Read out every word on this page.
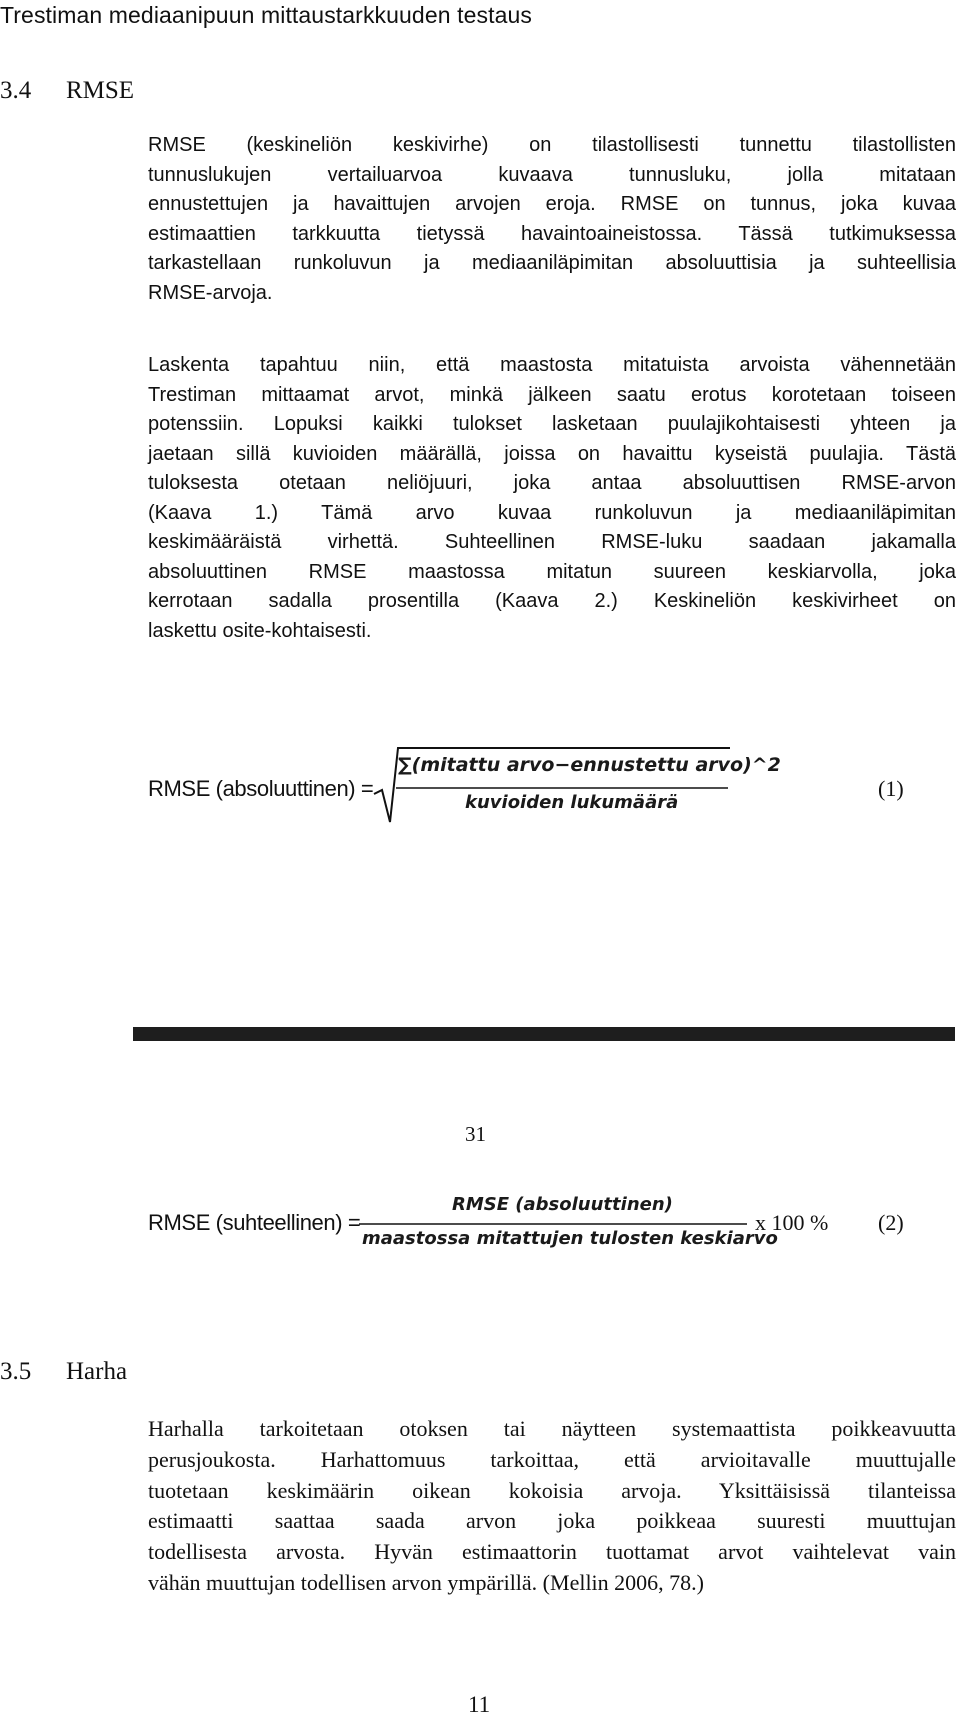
Trestiman mediaanipuun mittaustarkkuuden testaus
3.4 RMSE
RMSE (keskineliön keskivirhe) on tilastollisesti tunnettu tilastollisten
tunnuslukujen vertailuarvoa kuvaava tunnusluku, jolla mitataan
ennustettujen ja havaittujen arvojen eroja. RMSE on tunnus, joka kuvaa
estimaattien tarkkuutta tietyssä havaintoaineistossa. Tässä tutkimuksessa
tarkastellaan runkoluvun ja mediaaniläpimitan absoluuttisia ja suhteellisia
RMSE-arvoja.
Laskenta tapahtuu niin, että maastosta mitatuista arvoista vähennetään
Trestiman mittaamat arvot, minkä jälkeen saatu erotus korotetaan toiseen
potenssiin. Lopuksi kaikki tulokset lasketaan puulajikohtaisesti yhteen ja
jaetaan sillä kuvioiden määrällä, joissa on havaittu kyseistä puulajia. Tästä
tuloksesta otetaan neliöjuuri, joka antaa absoluuttisen RMSE-arvon
(Kaava 1.) Tämä arvo kuvaa runkoluvun ja mediaaniläpimitan
keskimääräistä virhettä. Suhteellinen RMSE-luku saadaan jakamalla
absoluuttinen RMSE maastossa mitatun suureen keskiarvolla, joka
kerrotaan sadalla prosentilla (Kaava 2.) Keskineliön keskivirheet on
laskettu osite-kohtaisesti.
RMSE (absoluuttinen) =
∑(mitattu arvo−ennustettu arvo)^2
kuvioiden lukumäärä
(1)
31
RMSE (suhteellinen) =
RMSE (absoluuttinen)
maastossa mitattujen tulosten keskiarvo
x 100 % (2)
3.5 Harha
Harhalla tarkoitetaan otoksen tai näytteen systemaattista poikkeavuutta
perusjoukosta. Harhattomuus tarkoittaa, että arvioitavalle muuttujalle
tuotetaan keskimäärin oikean kokoisia arvoja. Yksittäisissä tilanteissa
estimaatti saattaa saada arvon joka poikkeaa suuresti muuttujan
todellisesta arvosta. Hyvän estimaattorin tuottamat arvot vaihtelevat vain
vähän muuttujan todellisen arvon ympärillä. (Mellin 2006, 78.)
11
